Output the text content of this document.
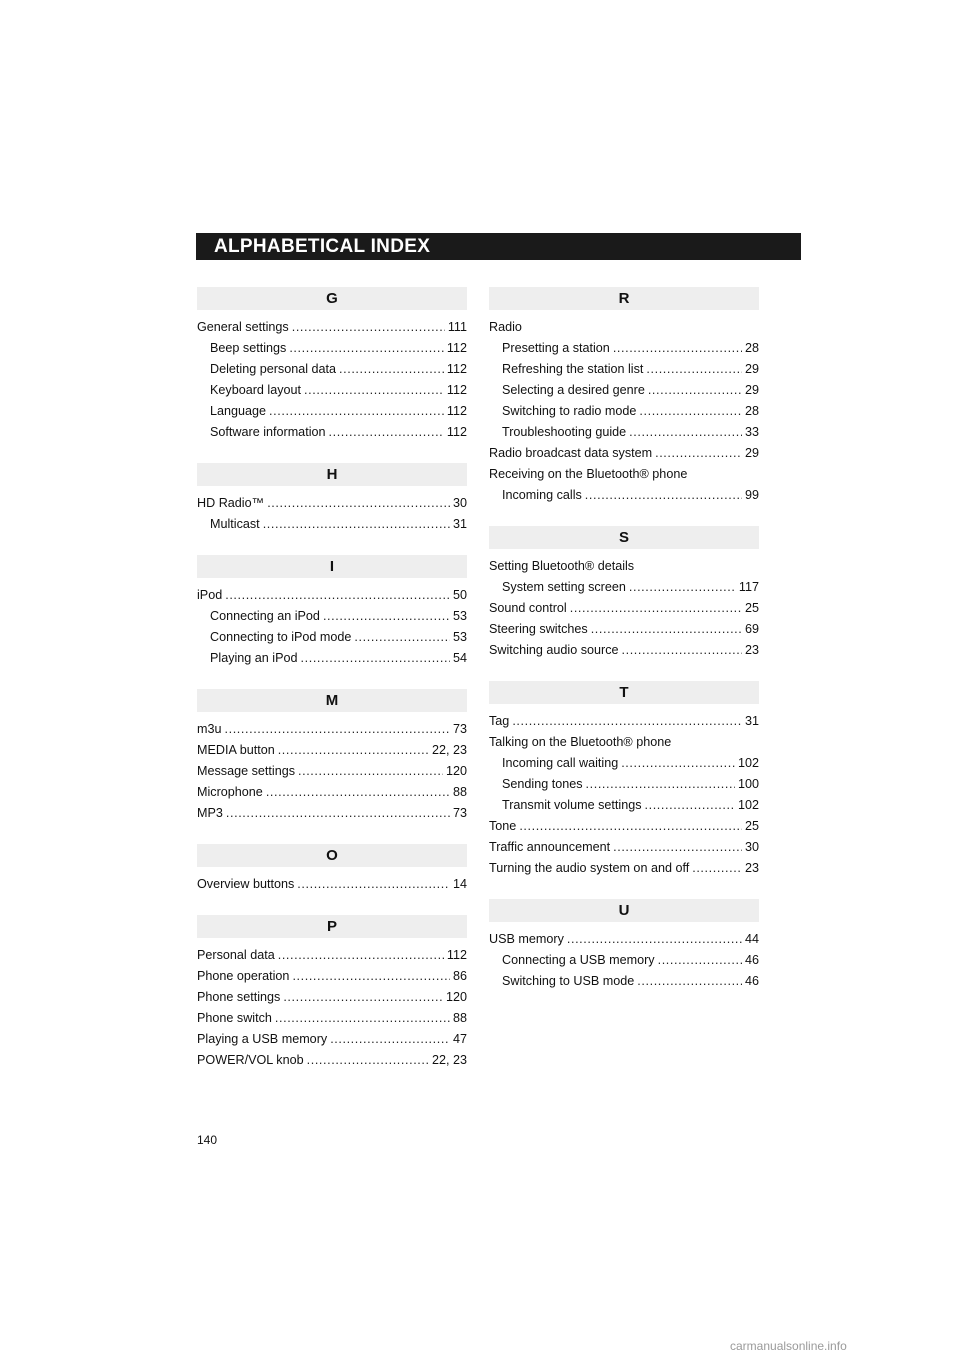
ALPHABETICAL INDEX
G
General settings .....	111
Beep settings .....	112
Deleting personal data .....	112
Keyboard layout .....	112
Language .....	112
Software information .....	112
H
HD Radio™ .....	30
Multicast .....	31
I
iPod .....	50
Connecting an iPod .....	53
Connecting to iPod mode .....	53
Playing an iPod .....	54
M
m3u .....	73
MEDIA button .....	22, 23
Message settings .....	120
Microphone .....	88
MP3 .....	73
O
Overview buttons .....	14
P
Personal data .....	112
Phone operation .....	86
Phone settings .....	120
Phone switch .....	88
Playing a USB memory .....	47
POWER/VOL knob .....	22, 23
R
Radio
Presetting a station .....	28
Refreshing the station list .....	29
Selecting a desired genre .....	29
Switching to radio mode .....	28
Troubleshooting guide .....	33
Radio broadcast data system .....	29
Receiving on the Bluetooth® phone
Incoming calls .....	99
S
Setting Bluetooth® details
System setting screen .....	117
Sound control .....	25
Steering switches .....	69
Switching audio source .....	23
T
Tag .....	31
Talking on the Bluetooth® phone
Incoming call waiting .....	102
Sending tones .....	100
Transmit volume settings .....	102
Tone .....	25
Traffic announcement .....	30
Turning the audio system on and off .....	23
U
USB memory .....	44
Connecting a USB memory .....	46
Switching to USB mode .....	46
140
carmanualsonline.info
